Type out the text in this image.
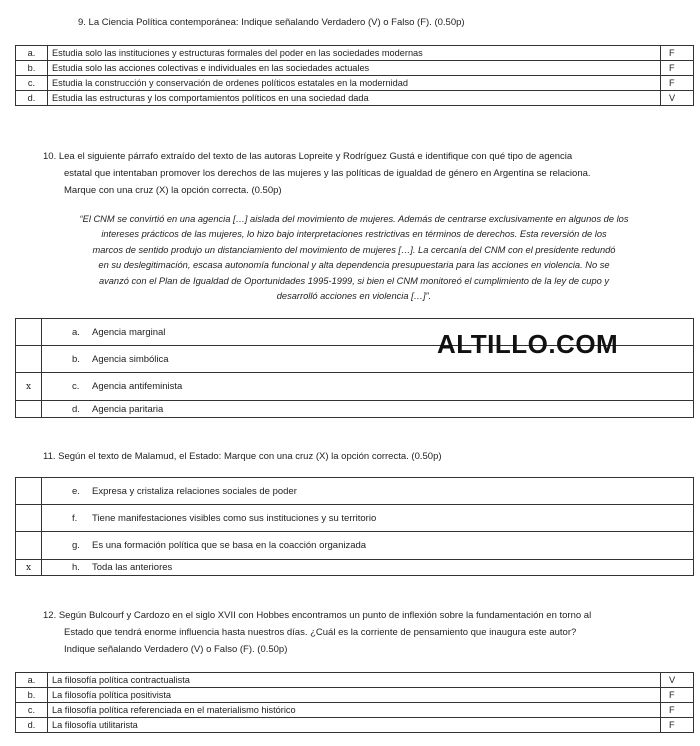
9. La Ciencia Política contemporánea: Indique señalando Verdadero (V) o Falso (F). (0.50p)
a.	Estudia solo las instituciones y estructuras formales del poder en las sociedades modernas	F
b.	Estudia solo las acciones colectivas e individuales en las sociedades actuales	F
c.	Estudia la construcción y conservación de ordenes políticos estatales en la modernidad	F
d.	Estudia las estructuras y los comportamientos políticos en una sociedad dada	V
10. Lea el siguiente párrafo extraído del texto de las autoras Lopreite y Rodríguez Gustá e identifique con qué tipo de agencia
estatal que intentaban promover los derechos de las mujeres y las políticas de igualdad de género en Argentina se relaciona.
Marque con una cruz (X) la opción correcta. (0.50p)
“El CNM se convirtió en una agencia […] aislada del movimiento de mujeres. Además de centrarse exclusivamente en algunos de los
intereses prácticos de las mujeres, lo hizo bajo interpretaciones restrictivas en términos de derechos. Esta reversión de los
marcos de sentido produjo un distanciamiento del movimiento de mujeres […]. La cercanía del CNM con el presidente redundó
en su deslegitimación, escasa autonomía funcional y alta dependencia presupuestaria para las acciones en violencia. No se
avanzó con el Plan de Igualdad de Oportunidades 1995-1999, si bien el CNM monitoreó el cumplimiento de la ley de cupo y
desarrolló acciones en violencia […]”.
	a. Agencia marginal
	b. Agencia simbólica
x	c. Agencia antifeminista
	d. Agencia paritaria
ALTILLO.COM
11. Según el texto de Malamud, el Estado: Marque con una cruz (X) la opción correcta. (0.50p)
	e. Expresa y cristaliza relaciones sociales de poder
	f. Tiene manifestaciones visibles como sus instituciones y su territorio
	g. Es una formación política que se basa en la coacción organizada
x	h. Toda las anteriores
12. Según Bulcourf y Cardozo en el siglo XVII con Hobbes encontramos un punto de inflexión sobre la fundamentación en torno al
Estado que tendrá enorme influencia hasta nuestros días. ¿Cuál es la corriente de pensamiento que inaugura este autor?
Indique señalando Verdadero (V) o Falso (F). (0.50p)
a.	La filosofía política contractualista	V
b.	La filosofía política positivista	F
c.	La filosofía política referenciada en el materialismo histórico	F
d.	La filosofía utilitarista	F
